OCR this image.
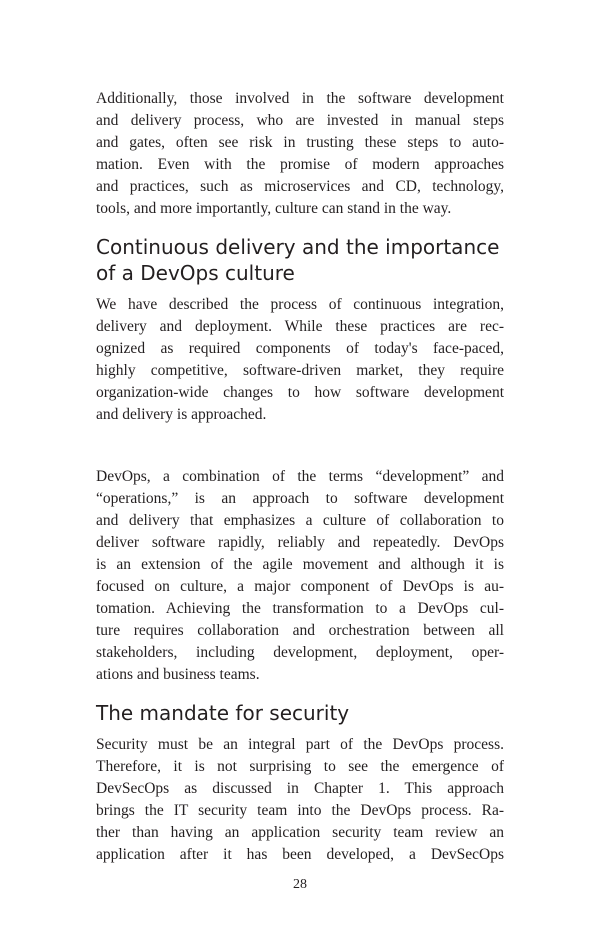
Additionally, those involved in the software development
and delivery process, who are invested in manual steps
and gates, often see risk in trusting these steps to auto-
mation. Even with the promise of modern approaches
and practices, such as microservices and CD, technology,
tools, and more importantly, culture can stand in the way.
Continuous delivery and the importance
of a DevOps culture
We have described the process of continuous integration,
delivery and deployment. While these practices are rec-
ognized as required components of today's face-paced,
highly competitive, software-driven market, they require
organization-wide changes to how software development
and delivery is approached.
DevOps, a combination of the terms “development” and
“operations,” is an approach to software development
and delivery that emphasizes a culture of collaboration to
deliver software rapidly, reliably and repeatedly. DevOps
is an extension of the agile movement and although it is
focused on culture, a major component of DevOps is au-
tomation. Achieving the transformation to a DevOps cul-
ture requires collaboration and orchestration between all
stakeholders, including development, deployment, oper-
ations and business teams.
The mandate for security
Security must be an integral part of the DevOps process.
Therefore, it is not surprising to see the emergence of
DevSecOps as discussed in Chapter 1. This approach
brings the IT security team into the DevOps process. Ra-
ther than having an application security team review an
application after it has been developed, a DevSecOps
28
